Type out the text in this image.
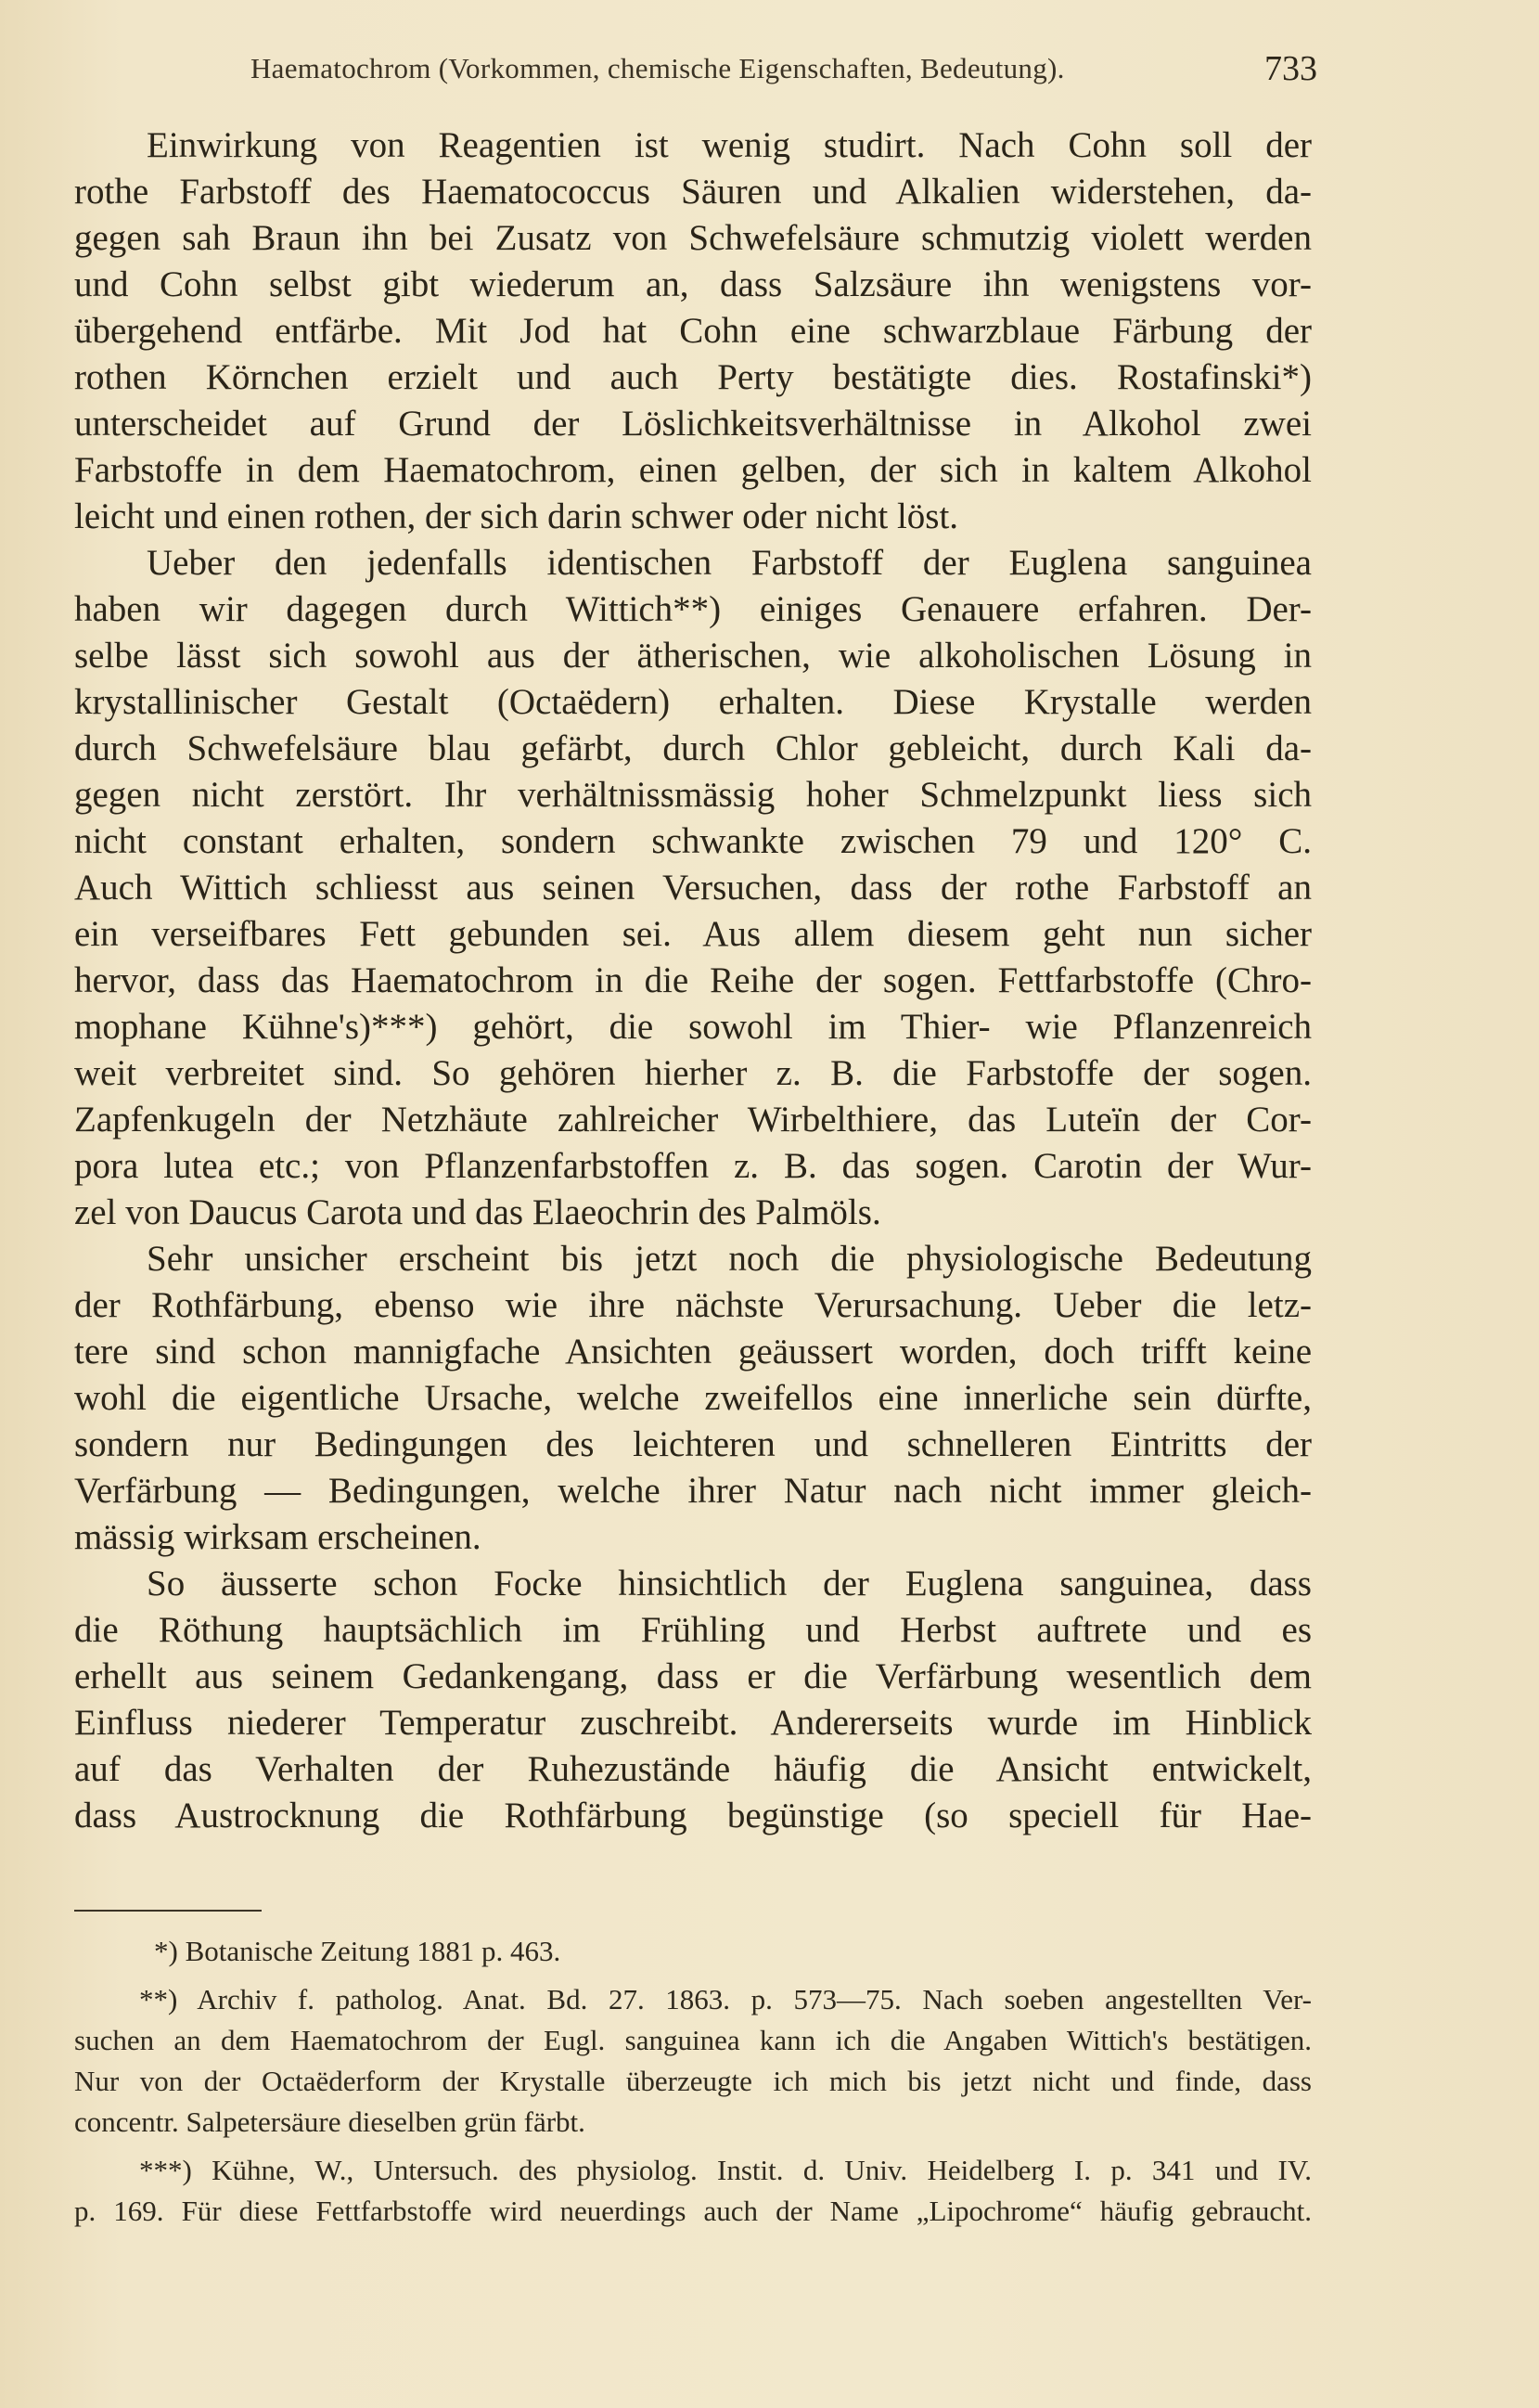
Haematochrom (Vorkommen, chemische Eigenschaften, Bedeutung).	733
Einwirkung von Reagentien ist wenig studirt. Nach Cohn soll der
rothe Farbstoff des Haematococcus Säuren und Alkalien widerstehen, da-
gegen sah Braun ihn bei Zusatz von Schwefelsäure schmutzig violett werden
und Cohn selbst gibt wiederum an, dass Salzsäure ihn wenigstens vor-
übergehend entfärbe. Mit Jod hat Cohn eine schwarzblaue Färbung der
rothen Körnchen erzielt und auch Perty bestätigte dies. Rostafinski*)
unterscheidet auf Grund der Löslichkeitsverhältnisse in Alkohol zwei
Farbstoffe in dem Haematochrom, einen gelben, der sich in kaltem Alkohol
leicht und einen rothen, der sich darin schwer oder nicht löst.
Ueber den jedenfalls identischen Farbstoff der Euglena sanguinea
haben wir dagegen durch Wittich**) einiges Genauere erfahren. Der-
selbe lässt sich sowohl aus der ätherischen, wie alkoholischen Lösung in
krystallinischer Gestalt (Octaëdern) erhalten. Diese Krystalle werden
durch Schwefelsäure blau gefärbt, durch Chlor gebleicht, durch Kali da-
gegen nicht zerstört. Ihr verhältnissmässig hoher Schmelzpunkt liess sich
nicht constant erhalten, sondern schwankte zwischen 79 und 120° C.
Auch Wittich schliesst aus seinen Versuchen, dass der rothe Farbstoff an
ein verseifbares Fett gebunden sei. Aus allem diesem geht nun sicher
hervor, dass das Haematochrom in die Reihe der sogen. Fettfarbstoffe (Chro-
mophane Kühne's)***) gehört, die sowohl im Thier- wie Pflanzenreich
weit verbreitet sind. So gehören hierher z. B. die Farbstoffe der sogen.
Zapfenkugeln der Netzhäute zahlreicher Wirbelthiere, das Luteïn der Cor-
pora lutea etc.; von Pflanzenfarbstoffen z. B. das sogen. Carotin der Wur-
zel von Daucus Carota und das Elaeochrin des Palmöls.
Sehr unsicher erscheint bis jetzt noch die physiologische Bedeutung
der Rothfärbung, ebenso wie ihre nächste Verursachung. Ueber die letz-
tere sind schon mannigfache Ansichten geäussert worden, doch trifft keine
wohl die eigentliche Ursache, welche zweifellos eine innerliche sein dürfte,
sondern nur Bedingungen des leichteren und schnelleren Eintritts der
Verfärbung — Bedingungen, welche ihrer Natur nach nicht immer gleich-
mässig wirksam erscheinen.
So äusserte schon Focke hinsichtlich der Euglena sanguinea, dass
die Röthung hauptsächlich im Frühling und Herbst auftrete und es
erhellt aus seinem Gedankengang, dass er die Verfärbung wesentlich dem
Einfluss niederer Temperatur zuschreibt. Andererseits wurde im Hinblick
auf das Verhalten der Ruhezustände häufig die Ansicht entwickelt,
dass Austrocknung die Rothfärbung begünstige (so speciell für Hae-
*) Botanische Zeitung 1881 p. 463.
**) Archiv f. patholog. Anat. Bd. 27. 1863. p. 573—75. Nach soeben angestellten Ver-
suchen an dem Haematochrom der Eugl. sanguinea kann ich die Angaben Wittich's bestätigen.
Nur von der Octaëderform der Krystalle überzeugte ich mich bis jetzt nicht und finde, dass
concentr. Salpetersäure dieselben grün färbt.
***) Kühne, W., Untersuch. des physiolog. Instit. d. Univ. Heidelberg I. p. 341 und IV.
p. 169. Für diese Fettfarbstoffe wird neuerdings auch der Name „Lipochrome“ häufig gebraucht.
